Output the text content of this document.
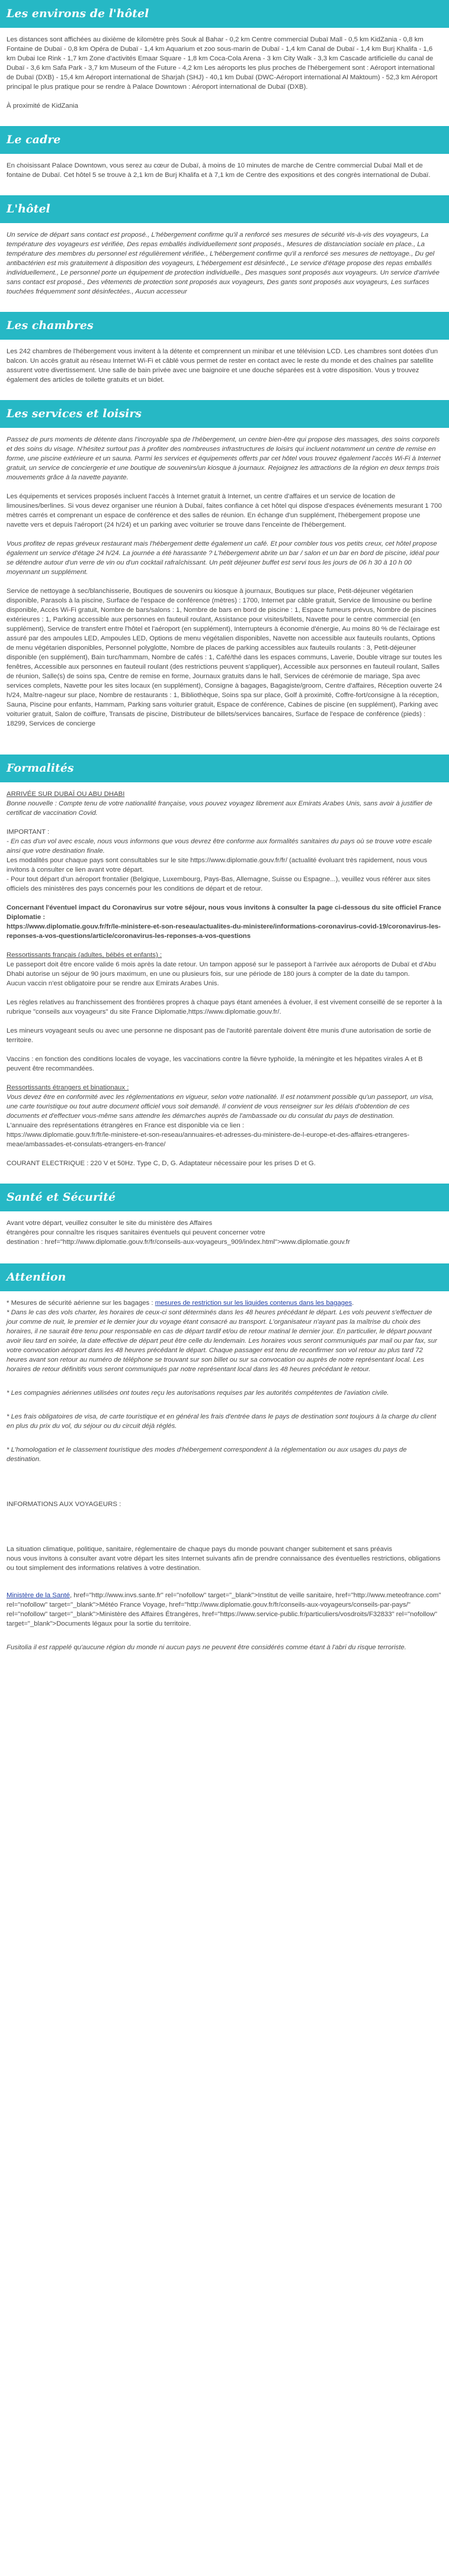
Les environs de l'hôtel

Les distances sont affichées au dixième de kilomètre près Souk al Bahar - 0,2 km Centre commercial Dubaï Mall - 0,5 km KidZania - 0,8 km Fontaine de Dubaï - 0,8 km Opéra de Dubaï - 1,4 km Aquarium et zoo sous-marin de Dubaï - 1,4 km Canal de Dubaï - 1,4 km Burj Khalifa - 1,6 km Dubai Ice Rink - 1,7 km Zone d'activités Emaar Square - 1,8 km Coca-Cola Arena - 3 km City Walk - 3,3 km Cascade artificielle du canal de Dubaï - 3,6 km Safa Park - 3,7 km Museum of the Future - 4,2 km Les aéroports les plus proches de l'hébergement sont : Aéroport international de Dubaï (DXB) - 15,4 km Aéroport international de Sharjah (SHJ) - 40,1 km Dubaï (DWC-Aéroport international Al Maktoum) - 52,3 km Aéroport principal le plus pratique pour se rendre à Palace Downtown : Aéroport international de Dubaï (DXB).

À proximité de KidZania

Le cadre

En choisissant Palace Downtown, vous serez au cœur de Dubaï, à moins de 10 minutes de marche de Centre commercial Dubaï Mall et de fontaine de Dubaï. Cet hôtel 5 se trouve à 2,1 km de Burj Khalifa et à 7,1 km de Centre des expositions et des congrès international de Dubaï.

L'hôtel

Un service de départ sans contact est proposé., L'hébergement confirme qu'il a renforcé ses mesures de sécurité vis-à-vis des voyageurs, La température des voyageurs est vérifiée, Des repas emballés individuellement sont proposés., Mesures de distanciation sociale en place., La température des membres du personnel est régulièrement vérifiée., L'hébergement confirme qu'il a renforcé ses mesures de nettoyage., Du gel antibactérien est mis gratuitement à disposition des voyageurs, L'hébergement est désinfecté., Le service d'étage propose des repas emballés individuellement., Le personnel porte un équipement de protection individuelle., Des masques sont proposés aux voyageurs. Un service d'arrivée sans contact est proposé., Des vêtements de protection sont proposés aux voyageurs, Des gants sont proposés aux voyageurs, Les surfaces touchées fréquemment sont désinfectées., Aucun accesseur

Les chambres

Les 242 chambres de l'hébergement vous invitent à la détente et comprennent un minibar et une télévision LCD. Les chambres sont dotées d'un balcon. Un accès gratuit au réseau Internet Wi-Fi et câblé vous permet de rester en contact avec le reste du monde et des chaînes par satellite assurent votre divertissement. Une salle de bain privée avec une baignoire et une douche séparées est à votre disposition. Vous y trouvez également des articles de toilette gratuits et un bidet.

Les services et loisirs

Passez de purs moments de détente dans l'incroyable spa de l'hébergement, un centre bien-être qui propose des massages, des soins corporels et des soins du visage. N'hésitez surtout pas à profiter des nombreuses infrastructures de loisirs qui incluent notamment un centre de remise en forme, une piscine extérieure et un sauna. Parmi les services et équipements offerts par cet hôtel vous trouvez également l'accès Wi-Fi à Internet gratuit, un service de conciergerie et une boutique de souvenirs/un kiosque à journaux. Rejoignez les attractions de la région en deux temps trois mouvements grâce à la navette payante.

Les équipements et services proposés incluent l'accès à Internet gratuit à Internet, un centre d'affaires et un service de location de limousines/berlines. Si vous devez organiser une réunion à Dubaï, faites confiance à cet hôtel qui dispose d'espaces événements mesurant 1 700 mètres carrés et comprenant un espace de conférence et des salles de réunion. En échange d'un supplément, l'hébergement propose une navette vers et depuis l'aéroport (24 h/24) et un parking avec voiturier se trouve dans l'enceinte de l'hébergement.

Vous profitez de repas gréveux restaurant mais l'hébergement dette également un café. Et pour combler tous vos petits creux, cet hôtel propose également un service d'étage 24 h/24. La journée a été harassante ? L'hébergement abrite un bar / salon et un bar en bord de piscine, idéal pour se détendre autour d'un verre de vin ou d'un cocktail rafraîchissant. Un petit déjeuner buffet est servi tous les jours de 06 h 30 à 10 h 00 moyennant un supplément.

Service de nettoyage à sec/blanchisserie, Boutiques de souvenirs ou kiosque à journaux, Boutiques sur place, Petit-déjeuner végétarien disponible, Parasols à la piscine, Surface de l'espace de conférence (mètres) : 1700, Internet par câble gratuit, Service de limousine ou berline disponible, Accès Wi-Fi gratuit, Nombre de bars/salons : 1, Nombre de bars en bord de piscine : 1, Espace fumeurs prévus, Nombre de piscines extérieures : 1, Parking accessible aux personnes en fauteuil roulant, Assistance pour visites/billets, Navette pour le centre commercial (en supplément), Service de transfert entre l'hôtel et l'aéroport (en supplément), Interrupteurs à économie d'énergie, Au moins 80 % de l'éclairage est assuré par des ampoules LED, Ampoules LED, Options de menu végétalien disponibles, Navette non accessible aux fauteuils roulants, Options de menu végétarien disponibles, Personnel polyglotte, Nombre de places de parking accessibles aux fauteuils roulants : 3, Petit-déjeuner disponible (en supplément), Bain turc/hammam, Nombre de cafés : 1, Café/thé dans les espaces communs, Laverie, Double vitrage sur toutes les fenêtres, Accessible aux personnes en fauteuil roulant (des restrictions peuvent s'appliquer), Accessible aux personnes en fauteuil roulant, Salles de réunion, Salle(s) de soins spa, Centre de remise en forme, Journaux gratuits dans le hall, Services de cérémonie de mariage, Spa avec services complets, Navette pour les sites locaux (en supplément), Consigne à bagages, Bagagiste/groom, Centre d'affaires, Réception ouverte 24 h/24, Maître-nageur sur place, Nombre de restaurants : 1, Bibliothèque, Soins spa sur place, Golf à proximité, Coffre-fort/consigne à la réception, Sauna, Piscine pour enfants, Hammam, Parking sans voiturier gratuit, Espace de conférence, Cabines de piscine (en supplément), Parking avec voiturier gratuit, Salon de coiffure, Transats de piscine, Distributeur de billets/services bancaires, Surface de l'espace de conférence (pieds) : 18299, Services de concierge

Formalités
ARRIVÉE SUR DUBAÏ OU ABU DHABI

Bonne nouvelle : Compte tenu de votre nationalité française, vous pouvez voyagez librement aux Emirats Arabes Unis, sans avoir à justifier de certificat de vaccination Covid.

IMPORTANT :
- En cas d'un vol avec escale, nous vous informons que vous devrez être conforme aux formalités sanitaires du pays où se trouve votre escale ainsi que votre destination finale.
Les modalités pour chaque pays sont consultables sur le site https://www.diplomatie.gouv.fr/fr/ (actualité évoluant très rapidement, nous vous invitons à consulter ce lien avant votre départ.

- Pour tout départ d'un aéroport frontalier (Belgique, Luxembourg, Pays-Bas, Allemagne, Suisse ou Espagne...), veuillez vous référer aux sites officiels des ministères des pays concernés pour les conditions de départ et de retour.

Concernant l'éventuel impact du Coronavirus sur votre séjour, nous vous invitons à consulter la page ci-dessous du site officiel France Diplomatie :

https://www.diplomatie.gouv.fr/fr/le-ministere-et-son-reseau/actualites-du-ministere/informations-coronavirus-covid-19/coronavirus-les-reponses-a-vos-questions/article/coronavirus-les-reponses-a-vos-questions

Ressortissants français (adultes, bébés et enfants) :
Le passeport doit être encore valide 6 mois après la date retour. Un tampon apposé sur le passeport à l'arrivée aux aéroports de Dubaï et d'Abu Dhabi autorise un séjour de 90 jours maximum, en une ou plusieurs fois, sur une période de 180 jours à compter de la date du tampon.

Aucun vaccin n'est obligatoire pour se rendre aux Emirats Arabes Unis.

Les règles relatives au franchissement des frontières propres à chaque pays étant amenées à évoluer, il est vivement conseillé de se reporter à la rubrique "conseils aux voyageurs" du site France Diplomatie,https://www.diplomatie.gouv.fr/.

Les mineurs voyageant seuls ou avec une personne ne disposant pas de l'autorité parentale doivent être munis d'une autorisation de sortie de territoire.

Vaccins : en fonction des conditions locales de voyage, les vaccinations contre la fièvre typhoïde, la méningite et les hépatites virales A et B peuvent être recommandées.

Ressortissants étrangers et binationaux :
Vous devez être en conformité avec les réglementations en vigueur, selon votre nationalité. Il est notamment possible qu'un passeport, un visa, une carte touristique ou tout autre document officiel vous soit demandé. Il convient de vous renseigner sur les délais d'obtention de ces documents et d'effectuer vous-même sans attendre les démarches auprès de l'ambassade ou du consulat du pays de destination.
L'annuaire des représentations étrangères en France est disponible via ce lien :

https://www.diplomatie.gouv.fr/fr/le-ministere-et-son-reseau/annuaires-et-adresses-du-ministere-de-l-europe-et-des-affaires-etrangeres-meae/ambassades-et-consulats-etrangers-en-france/

COURANT ELECTRIQUE : 220 V et 50Hz. Type C, D, G. Adaptateur nécessaire pour les prises D et G.

Santé et Sécurité
Avant votre départ, veuillez consulter le site du ministère des Affaires
étrangères pour connaître les risques sanitaires éventuels qui peuvent concerner votre
destination : href="http://www.diplomatie.gouv.fr/fr/conseils-aux-voyageurs_909/index.html">www.diplomatie.gouv.fr
Attention
* Mesures de sécurité aérienne sur les bagages : mesures de restriction sur les liquides contenus dans les bagages.
* Dans le cas des vols charter, les horaires de ceux-ci sont déterminés dans les 48 heures précédant le départ. Les vols peuvent s'effectuer de jour comme de nuit, le premier et le dernier jour du voyage étant consacré au transport. L'organisateur n'ayant pas la maîtrise du choix des horaires, il ne saurait être tenu pour responsable en cas de départ tardif et/ou de retour matinal le dernier jour. En particulier, le départ pouvant avoir lieu tard en soirée, la date effective de départ peut être celle du lendemain. Les horaires vous seront communiqués par mail ou par fax, sur votre convocation aéroport dans les 48 heures précédant le départ. Chaque passager est tenu de reconfirmer son vol retour au plus tard 72 heures avant son retour au numéro de téléphone se trouvant sur son billet ou sur sa convocation ou auprès de notre représentant local. Les horaires de retour définitifs vous seront communiqués par notre représentant local dans les 48 heures précédant le retour.
* Les compagnies aériennes utilisées ont toutes reçu les autorisations requises par les autorités compétentes de l'aviation civile.
* Les frais obligatoires de visa, de carte touristique et en général les frais d'entrée dans le pays de destination sont toujours à la charge du client en plus du prix du vol, du séjour ou du circuit déjà réglés.
* L'homologation et le classement touristique des modes d'hébergement correspondent à la réglementation ou aux usages du pays de destination.
INFORMATIONS AUX VOYAGEURS :
La situation climatique, politique, sanitaire, réglementaire de chaque pays du monde pouvant changer subitement et sans préavis
nous vous invitons à consulter avant votre départ les sites Internet suivants afin de prendre connaissance des éventuelles restrictions, obligations ou tout simplement des informations relatives à votre destination.
Ministère de la Santé, href="http://www.invs.sante.fr" rel="nofollow" target="_blank">Institut de veille sanitaire, href="http://www.meteofrance.com" rel="nofollow" target="_blank">Météo France Voyage, href="http://www.diplomatie.gouv.fr/fr/conseils-aux-voyageurs/conseils-par-pays/" rel="nofollow" target="_blank">Ministère des Affaires Étrangères, href="https://www.service-public.fr/particuliers/vosdroits/F32833" rel="nofollow" target="_blank">Documents légaux pour la sortie du territoire.
Fusitolia il est rappelé qu'aucune région du monde ni aucun pays ne peuvent être considérés comme étant à l'abri du risque terroriste.
